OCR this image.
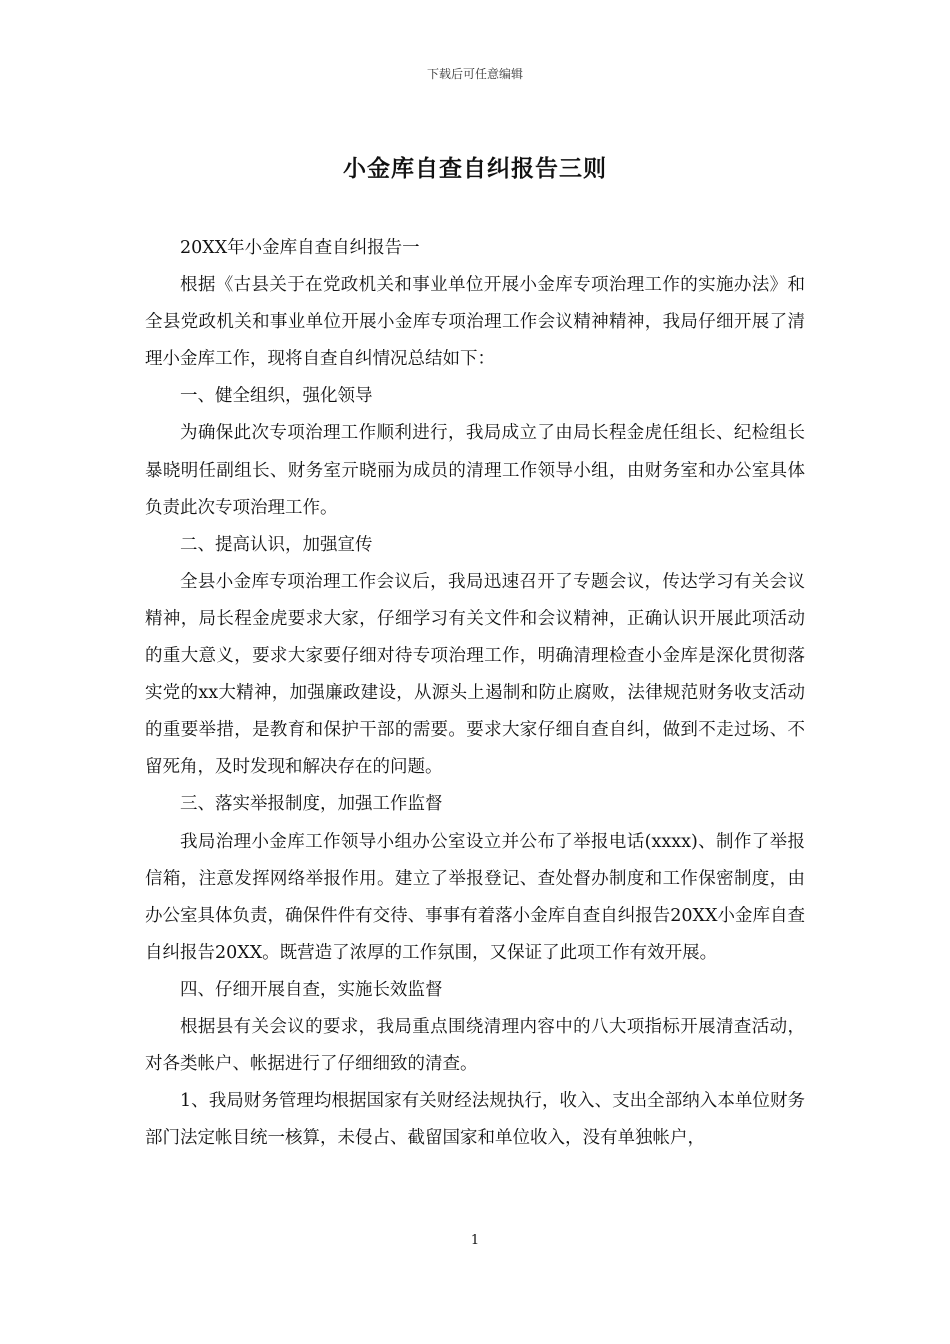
下载后可任意编辑
小金库自查自纠报告三则

20XX年小金库自查自纠报告一

根据《古县关于在党政机关和事业单位开展小金库专项治理工作的实施办法》和全县党政机关和事业单位开展小金库专项治理工作会议精神精神，我局仔细开展了清理小金库工作，现将自查自纠情况总结如下：

一、健全组织，强化领导

为确保此次专项治理工作顺利进行，我局成立了由局长程金虎任组长、纪检组长暴晓明任副组长、财务室亓晓丽为成员的清理工作领导小组，由财务室和办公室具体负责此次专项治理工作。

二、提高认识，加强宣传

全县小金库专项治理工作会议后，我局迅速召开了专题会议，传达学习有关会议精神，局长程金虎要求大家，仔细学习有关文件和会议精神，正确认识开展此项活动的重大意义，要求大家要仔细对待专项治理工作，明确清理检查小金库是深化贯彻落实党的xx大精神，加强廉政建设，从源头上遏制和防止腐败，法律规范财务收支活动的重要举措，是教育和保护干部的需要。要求大家仔细自查自纠，做到不走过场、不留死角，及时发现和解决存在的问题。

三、落实举报制度，加强工作监督

我局治理小金库工作领导小组办公室设立并公布了举报电话(xxxx)、制作了举报信箱，注意发挥网络举报作用。建立了举报登记、查处督办制度和工作保密制度，由办公室具体负责，确保件件有交待、事事有着落小金库自查自纠报告20XX小金库自查自纠报告20XX。既营造了浓厚的工作氛围，又保证了此项工作有效开展。

四、仔细开展自查，实施长效监督

根据县有关会议的要求，我局重点围绕清理内容中的八大项指标开展清查活动，对各类帐户、帐据进行了仔细细致的清查。

1、我局财务管理均根据国家有关财经法规执行，收入、支出全部纳入本单位财务部门法定帐目统一核算，未侵占、截留国家和单位收入，没有单独帐户，

1
